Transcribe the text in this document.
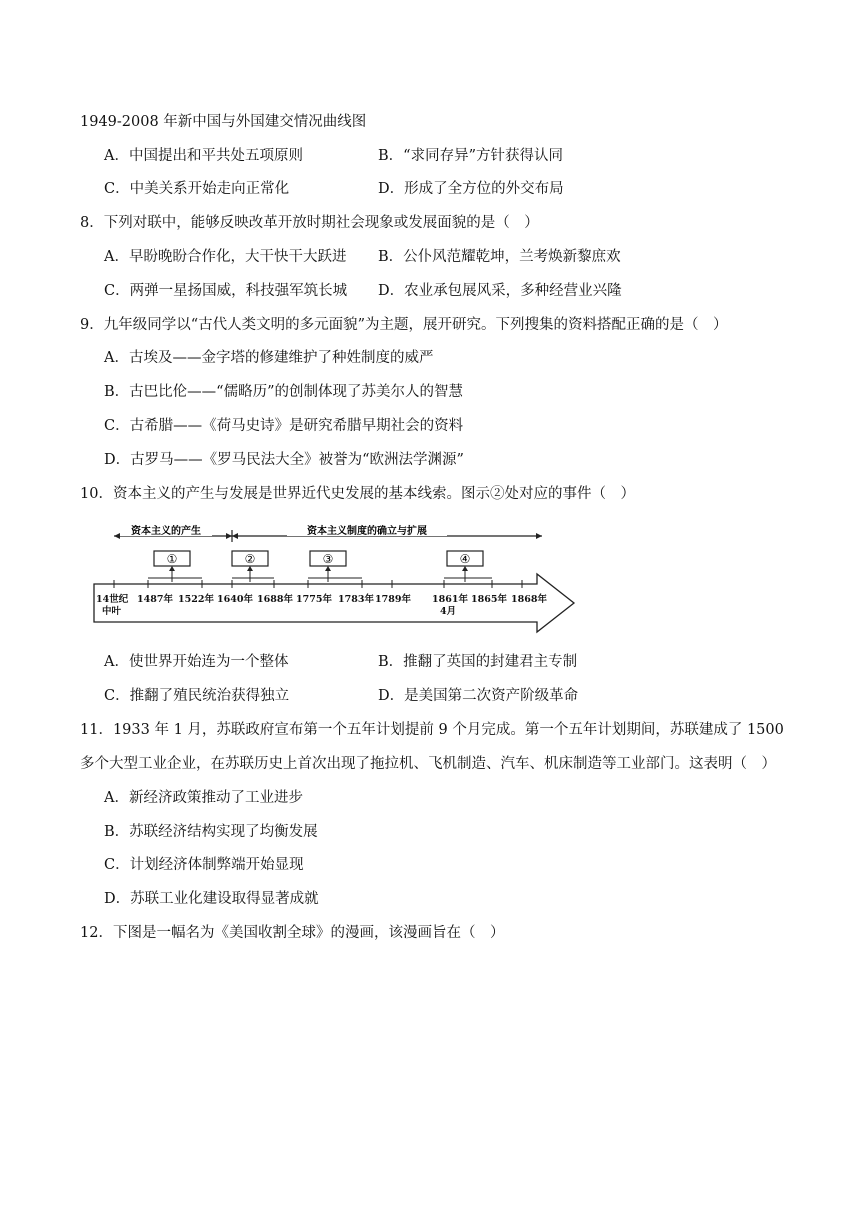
1949-2008 年新中国与外国建交情况曲线图
A．中国提出和平共处五项原则	B．“求同存异”方针获得认同
C．中美关系开始走向正常化	D．形成了全方位的外交布局
8．下列对联中，能够反映改革开放时期社会现象或发展面貌的是（　）
A．早盼晚盼合作化，大干快干大跃进 B．公仆风范耀乾坤，兰考焕新黎庶欢
C．两弹一星扬国威，科技强军筑长城 D．农业承包展风采，多种经营业兴隆
9．九年级同学以“古代人类文明的多元面貌”为主题，展开研究。下列搜集的资料搭配正确的是（　）
A．古埃及——金字塔的修建维护了种姓制度的威严
B．古巴比伦——“儒略历”的创制体现了苏美尔人的智慧
C．古希腊——《荷马史诗》是研究希腊早期社会的资料
D．古罗马——《罗马民法大全》被誉为“欧洲法学渊源”
10．资本主义的产生与发展是世界近代史发展的基本线索。图示②处对应的事件（　）
资本主义的产生	资本主义制度的确立与扩展
①	②	③	④
14世纪
中叶
1487年 1522年 1640年 1688年 1775年 1783年 1789年 1861年
4月
1865年 1868年
A．使世界开始连为一个整体	B．推翻了英国的封建君主专制
C．推翻了殖民统治获得独立	D．是美国第二次资产阶级革命
11．1933 年 1 月，苏联政府宣布第一个五年计划提前 9 个月完成。第一个五年计划期间，苏联建成了 1500
多个大型工业企业，在苏联历史上首次出现了拖拉机、飞机制造、汽车、机床制造等工业部门。这表明（　）
A．新经济政策推动了工业进步
B．苏联经济结构实现了均衡发展
C．计划经济体制弊端开始显现
D．苏联工业化建设取得显著成就
12．下图是一幅名为《美国收割全球》的漫画，该漫画旨在（　）
